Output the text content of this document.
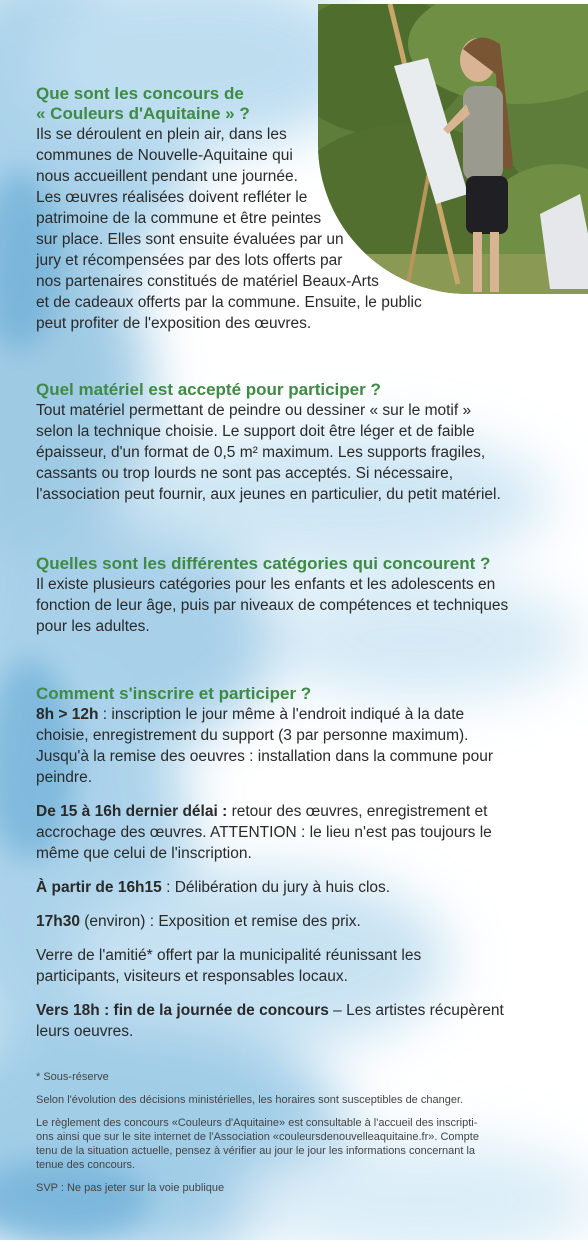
Que sont les concours de
« Couleurs d'Aquitaine » ?

Ils se déroulent en plein air, dans les
communes de Nouvelle-Aquitaine qui
nous accueillent pendant une journée.
Les œuvres réalisées doivent refléter le
patrimoine de la commune et être peintes
sur place. Elles sont ensuite évaluées par un
jury et récompensées par des lots offerts par
nos partenaires constitués de matériel Beaux-Arts
et de cadeaux offerts par la commune. Ensuite, le public
peut profiter de l'exposition des œuvres.

Quel matériel est accepté pour participer ?

Tout matériel permettant de peindre ou dessiner « sur le motif »
selon la technique choisie. Le support doit être léger et de faible
épaisseur, d'un format de 0,5 m² maximum. Les supports fragiles,
cassants ou trop lourds ne sont pas acceptés. Si nécessaire,
l'association peut fournir, aux jeunes en particulier, du petit matériel.

Quelles sont les différentes catégories qui concourent ?

Il existe plusieurs catégories pour les enfants et les adolescents en
fonction de leur âge, puis par niveaux de compétences et techniques
pour les adultes.

Comment s'inscrire et participer ?

8h > 12h : inscription le jour même à l'endroit indiqué à la date
choisie, enregistrement du support (3 par personne maximum).
Jusqu'à la remise des oeuvres : installation dans la commune pour
peindre.

De 15 à 16h dernier délai : retour des œuvres, enregistrement et
accrochage des œuvres. ATTENTION : le lieu n'est pas toujours le
même que celui de l'inscription.

À partir de 16h15 : Délibération du jury à huis clos.

17h30 (environ) : Exposition et remise des prix.

Verre de l'amitié* offert par la municipalité réunissant les
participants, visiteurs et responsables locaux.

Vers 18h : fin de la journée de concours – Les artistes récupèrent
leurs oeuvres.

* Sous-réserve

Selon l'évolution des décisions ministérielles, les horaires sont susceptibles de changer.

Le règlement des concours «Couleurs d'Aquitaine» est consultable à l'accueil des inscripti-
ons ainsi que sur le site internet de l'Association «couleursdenouvelleaquitaine.fr». Compte
tenu de la situation actuelle, pensez à vérifier au jour le jour les informations concernant la
tenue des concours.

SVP : Ne pas jeter sur la voie publique
